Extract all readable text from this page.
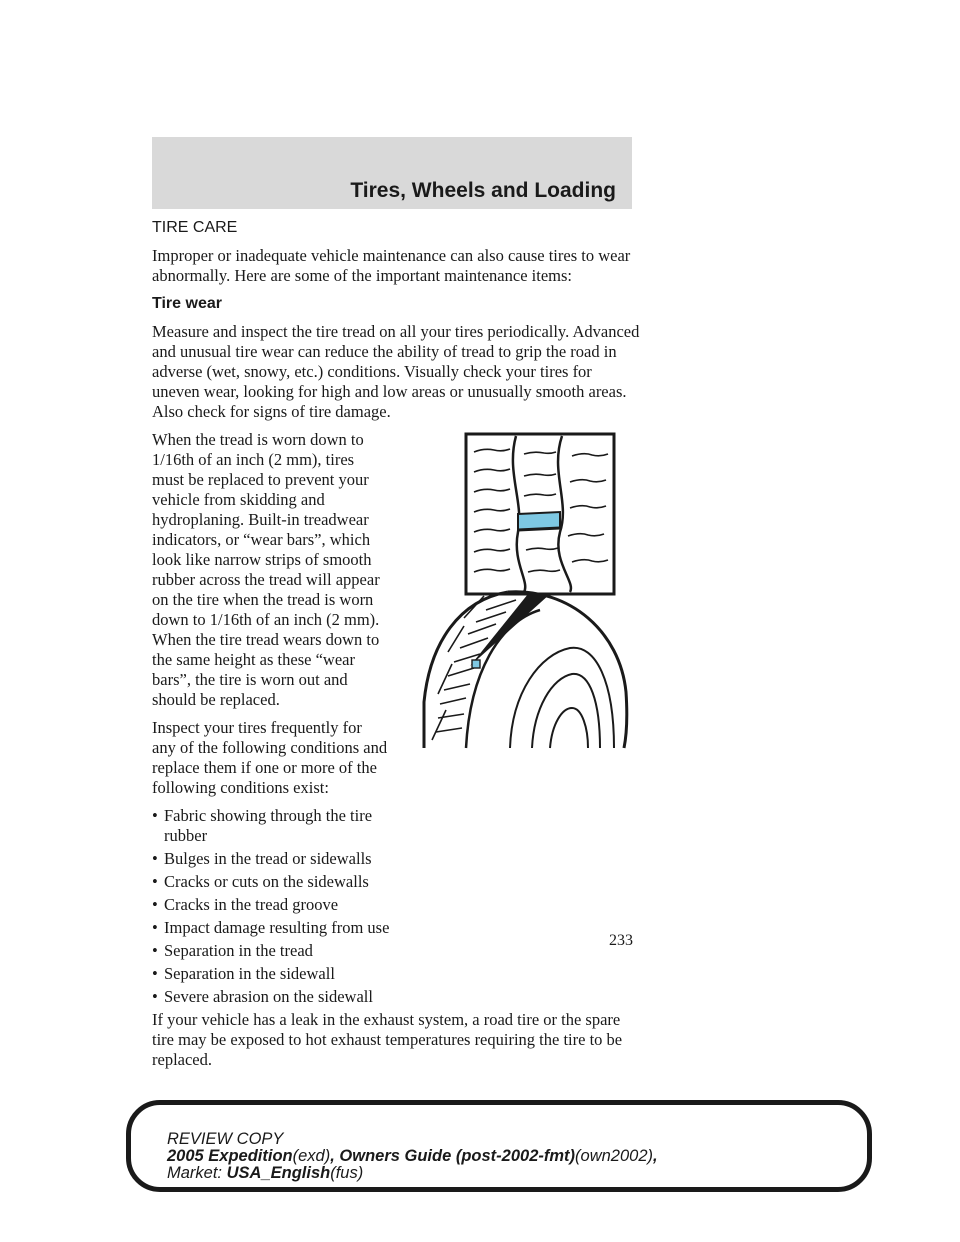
Tires, Wheels and Loading
TIRE CARE

Improper or inadequate vehicle maintenance can also cause tires to wear abnormally. Here are some of the important maintenance items:

Tire wear

Measure and inspect the tire tread on all your tires periodically. Advanced and unusual tire wear can reduce the ability of tread to grip the road in adverse (wet, snowy, etc.) conditions. Visually check your tires for uneven wear, looking for high and low areas or unusually smooth areas. Also check for signs of tire damage.

When the tread is worn down to 1/16th of an inch (2 mm), tires must be replaced to prevent your vehicle from skidding and hydroplaning. Built-in treadwear indicators, or “wear bars”, which look like narrow strips of smooth rubber across the tread will appear on the tire when the tread is worn down to 1/16th of an inch (2 mm). When the tire tread wears down to the same height as these “wear bars”, the tire is worn out and should be replaced.

Inspect your tires frequently for any of the following conditions and replace them if one or more of the following conditions exist:

• Fabric showing through the tire rubber
• Bulges in the tread or sidewalls
• Cracks or cuts on the sidewalls
• Cracks in the tread groove
• Impact damage resulting from use
• Separation in the tread
• Separation in the sidewall
• Severe abrasion on the sidewall

If your vehicle has a leak in the exhaust system, a road tire or the spare tire may be exposed to hot exhaust temperatures requiring the tire to be replaced.

233
REVIEW COPY
2005 Expedition(exd), Owners Guide (post-2002-fmt)(own2002),
Market: USA_English(fus)
